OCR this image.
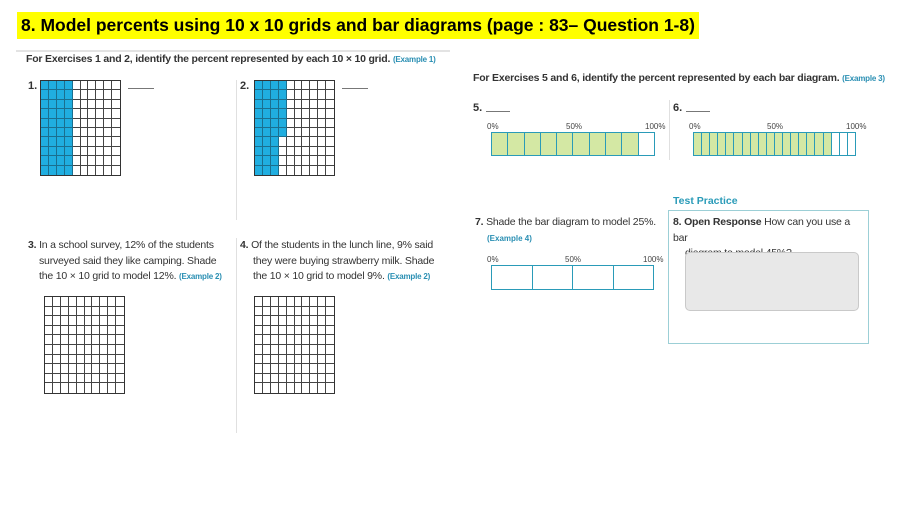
8. Model percents using 10 x 10 grids and bar diagrams (page : 83– Question 1-8)
For Exercises 1 and 2, identify the percent represented by each 10 × 10 grid. (Example 1)
1.	2.
3. In a school survey, 12% of the students
surveyed said they like camping. Shade
the 10 × 10 grid to model 12%. (Example 2)
4. Of the students in the lunch line, 9% said
they were buying strawberry milk. Shade
the 10 × 10 grid to model 9%. (Example 2)
For Exercises 5 and 6, identify the percent represented by each bar diagram. (Example 3)
5.
0%	50%	100%
6.
0%	50%	100%
Test Practice
7. Shade the bar diagram to model 25%.
(Example 4)
0%	50%	100%
8. Open Response How can you use a bar
